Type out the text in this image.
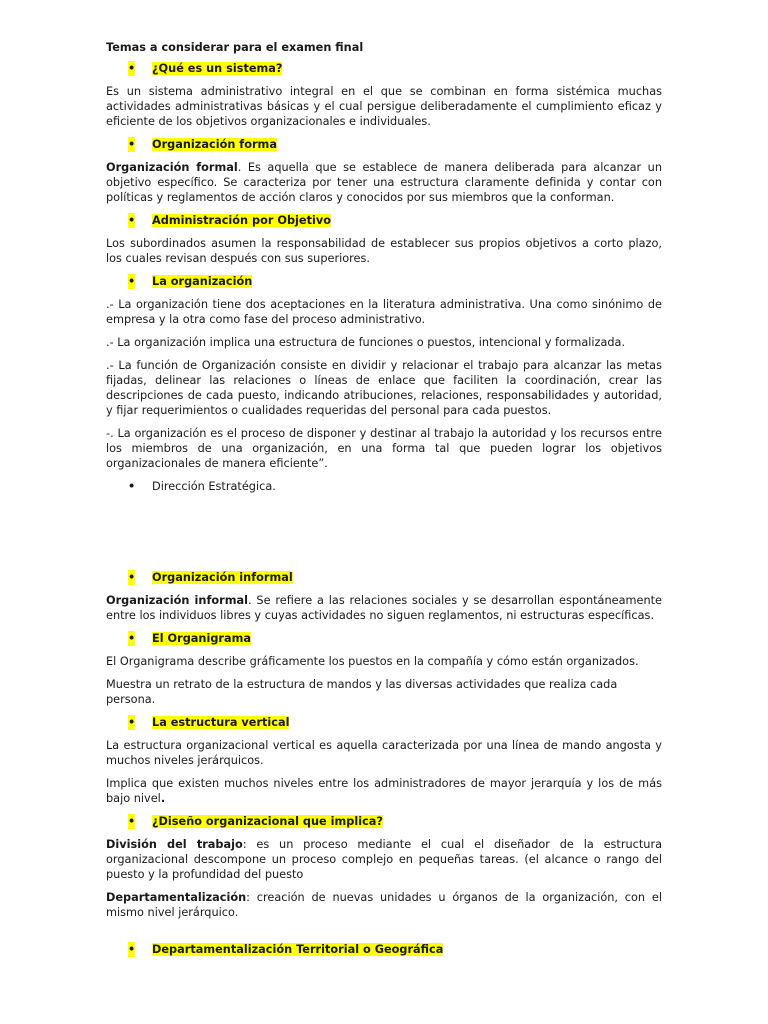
Temas a considerar para el examen final
• ¿Qué es un sistema?

Es un sistema administrativo integral en el que se combinan en forma sistémica muchas actividades administrativas básicas y el cual persigue deliberadamente el cumplimiento eficaz y eficiente de los objetivos organizacionales e individuales.

• Organización forma

Organización formal. Es aquella que se establece de manera deliberada para alcanzar un objetivo específico. Se caracteriza por tener una estructura claramente definida y contar con políticas y reglamentos de acción claros y conocidos por sus miembros que la conforman.

• Administración por Objetivo

Los subordinados asumen la responsabilidad de establecer sus propios objetivos a corto plazo, los cuales revisan después con sus superiores.

• La organización

.- La organización tiene dos aceptaciones en la literatura administrativa. Una como sinónimo de empresa y la otra como fase del proceso administrativo.

.- La organización implica una estructura de funciones o puestos, intencional y formalizada.

.- La función de Organización consiste en dividir y relacionar el trabajo para alcanzar las metas fijadas, delinear las relaciones o líneas de enlace que faciliten la coordinación, crear las descripciones de cada puesto, indicando atribuciones, relaciones, responsabilidades y autoridad, y fijar requerimientos o cualidades requeridas del personal para cada puestos.

-. La organización es el proceso de disponer y destinar al trabajo la autoridad y los recursos entre los miembros de una organización, en una forma tal que pueden lograr los objetivos organizacionales de manera eficiente”.

• Dirección Estratégica.
• Organización informal

Organización informal. Se refiere a las relaciones sociales y se desarrollan espontáneamente entre los individuos libres y cuyas actividades no siguen reglamentos, ni estructuras específicas.

• El Organigrama

El Organigrama describe gráficamente los puestos en la compañía y cómo están organizados.

Muestra un retrato de la estructura de mandos y las diversas actividades que realiza cada persona.

• La estructura vertical

La estructura organizacional vertical es aquella caracterizada por una línea de mando angosta y muchos niveles jerárquicos.

Implica que existen muchos niveles entre los administradores de mayor jerarquía y los de más bajo nivel.

• ¿Diseño organizacional que implica?

División del trabajo: es un proceso mediante el cual el diseñador de la estructura organizacional descompone un proceso complejo en pequeñas tareas. (el alcance o rango del puesto y la profundidad del puesto

Departamentalización: creación de nuevas unidades u órganos de la organización, con el mismo nivel jerárquico.

• Departamentalización Territorial o Geográfica
